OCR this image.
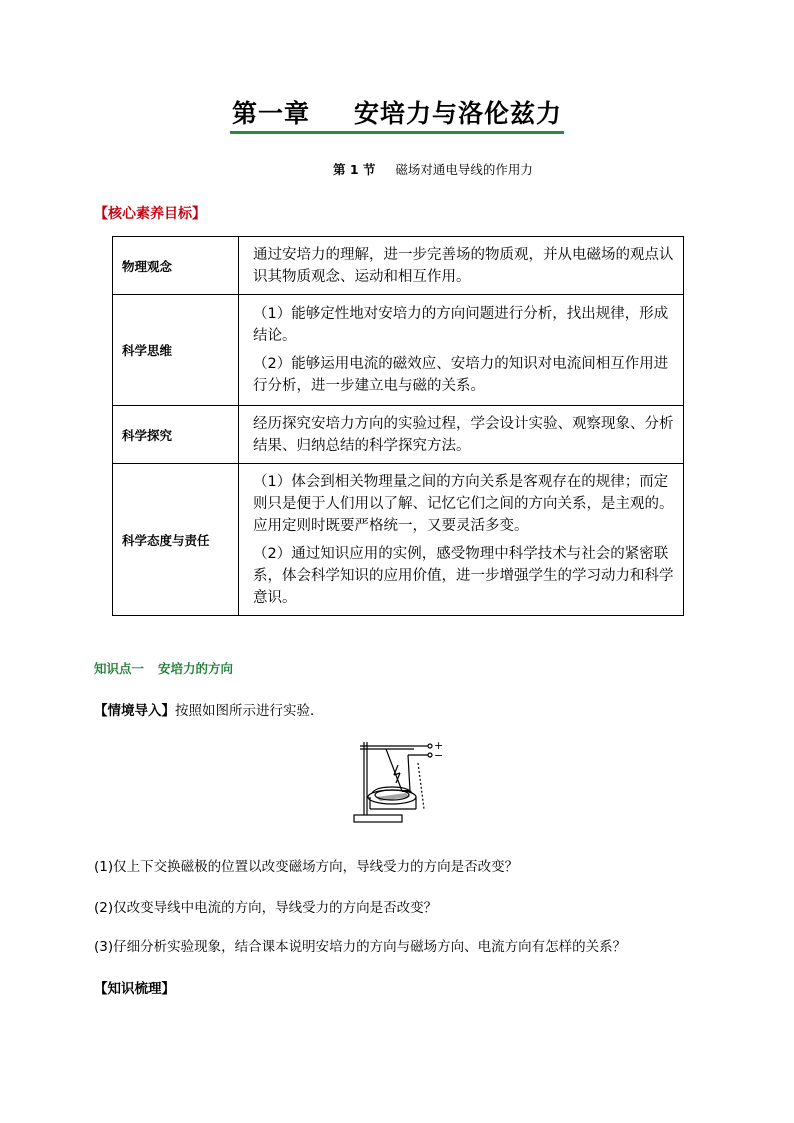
第一章 安培力与洛伦兹力
第 1 节 磁场对通电导线的作用力
【核心素养目标】
物理观念	通过安培力的理解，进一步完善场的物质观，并从电磁场的观点认识其物质观念、运动和相互作用。

科学思维	（1）能够定性地对安培力的方向问题进行分析，找出规律，形成结论。

（2）能够运用电流的磁效应、安培力的知识对电流间相互作用进行分析，进一步建立电与磁的关系。

科学探究	经历探究安培力方向的实验过程，学会设计实验、观察现象、分析结果、归纳总结的科学探究方法。

科学态度与责任	（1）体会到相关物理量之间的方向关系是客观存在的规律；而定则只是便于人们用以了解、记忆它们之间的方向关系，是主观的。应用定则时既要严格统一，又要灵活多变。

（2）通过知识应用的实例，感受物理中科学技术与社会的紧密联系，体会科学知识的应用价值，进一步增强学生的学习动力和科学意识。

知识点一 安培力的方向
【情境导入】按照如图所示进行实验．
+
−
(1)仅上下交换磁极的位置以改变磁场方向，导线受力的方向是否改变？
(2)仅改变导线中电流的方向，导线受力的方向是否改变？
(3)仔细分析实验现象，结合课本说明安培力的方向与磁场方向、电流方向有怎样的关系？
【知识梳理】
